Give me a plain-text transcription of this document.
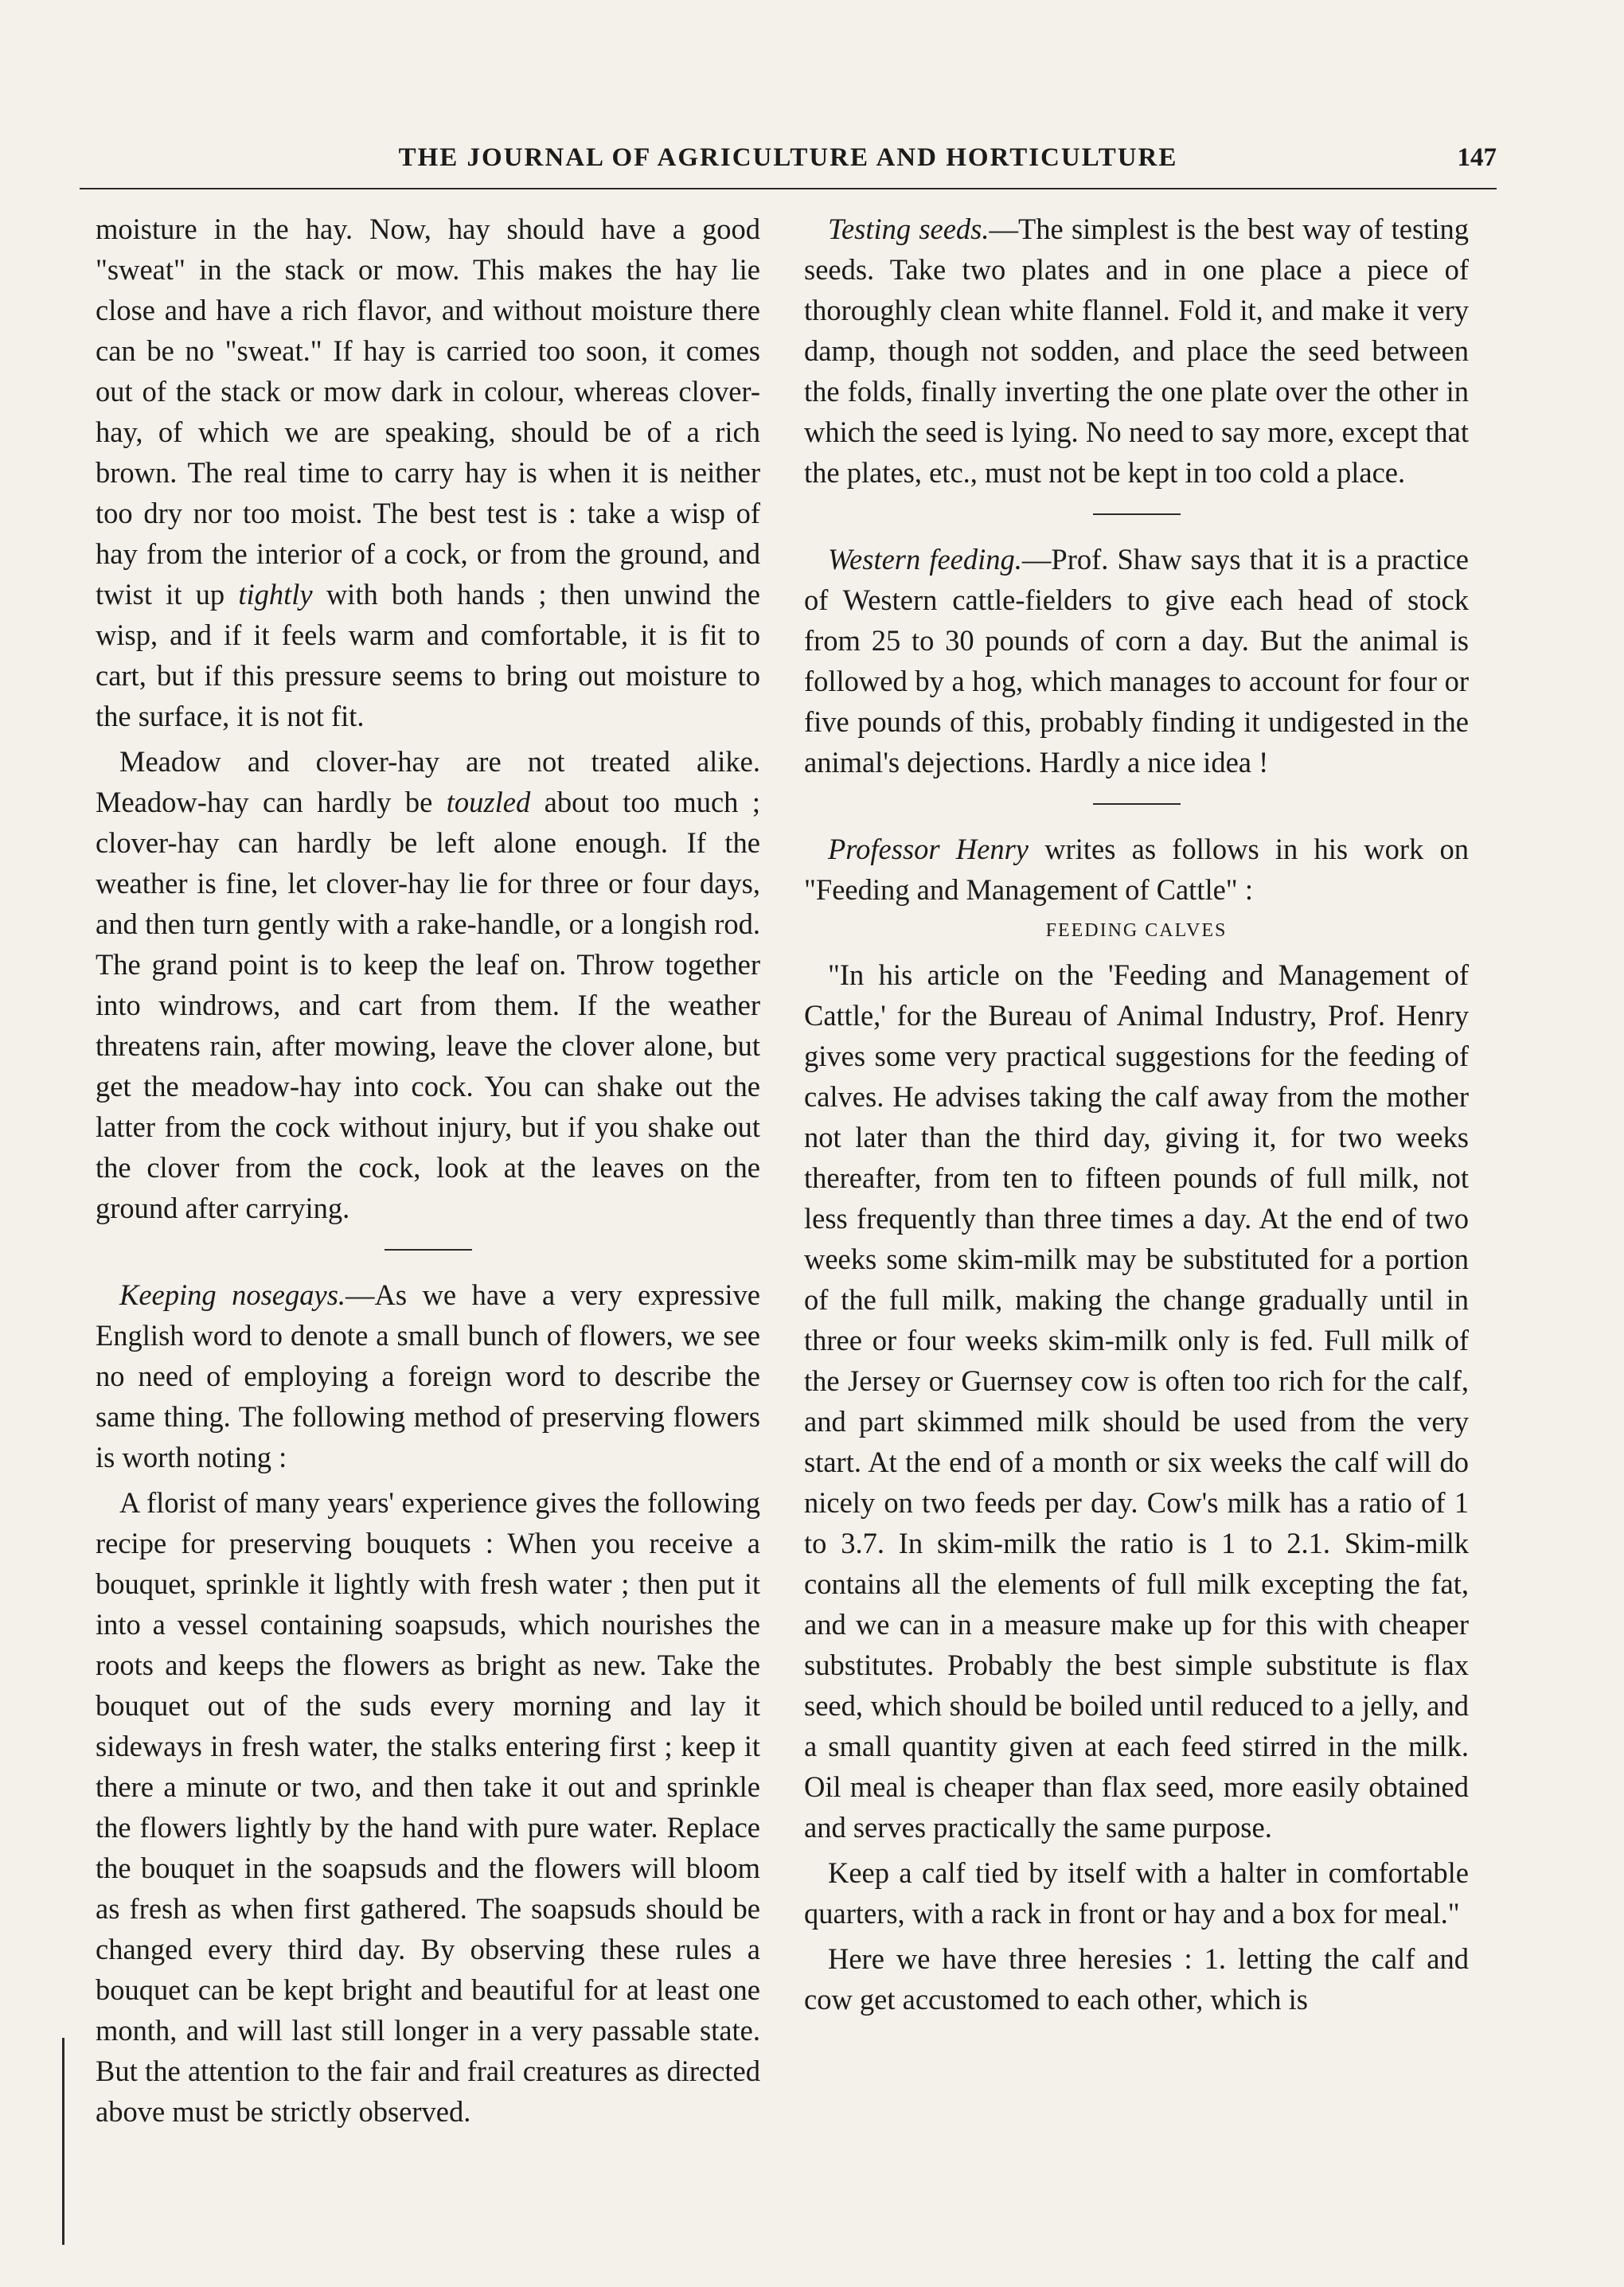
THE JOURNAL OF AGRICULTURE AND HORTICULTURE	147

moisture in the hay. Now, hay should have a good "sweat" in the stack or mow. This makes the hay lie close and have a rich flavor, and without moisture there can be no "sweat." If hay is carried too soon, it comes out of the stack or mow dark in colour, whereas clover-hay, of which we are speaking, should be of a rich brown. The real time to carry hay is when it is neither too dry nor too moist. The best test is : take a wisp of hay from the interior of a cock, or from the ground, and twist it up tightly with both hands ; then unwind the wisp, and if it feels warm and comfortable, it is fit to cart, but if this pressure seems to bring out moisture to the surface, it is not fit.

Meadow and clover-hay are not treated alike. Meadow-hay can hardly be touzled about too much ; clover-hay can hardly be left alone enough. If the weather is fine, let clover-hay lie for three or four days, and then turn gently with a rake-handle, or a longish rod. The grand point is to keep the leaf on. Throw together into windrows, and cart from them. If the weather threatens rain, after mowing, leave the clover alone, but get the meadow-hay into cock. You can shake out the latter from the cock without injury, but if you shake out the clover from the cock, look at the leaves on the ground after carrying.

Keeping nosegays.—As we have a very expressive English word to denote a small bunch of flowers, we see no need of employing a foreign word to describe the same thing. The following method of preserving flowers is worth noting :

A florist of many years' experience gives the following recipe for preserving bouquets : When you receive a bouquet, sprinkle it lightly with fresh water ; then put it into a vessel containing soapsuds, which nourishes the roots and keeps the flowers as bright as new. Take the bouquet out of the suds every morning and lay it sideways in fresh water, the stalks entering first ; keep it there a minute or two, and then take it out and sprinkle the flowers lightly by the hand with pure water. Replace the bouquet in the soapsuds and the flowers will bloom as fresh as when first gathered. The soapsuds should be changed every third day. By observing these rules a bouquet can be kept bright and beautiful for at least one month, and will last still longer in a very passable state. But the attention to the fair and frail creatures as directed above must be strictly observed.

Testing seeds.—The simplest is the best way of testing seeds. Take two plates and in one place a piece of thoroughly clean white flannel. Fold it, and make it very damp, though not sodden, and place the seed between the folds, finally inverting the one plate over the other in which the seed is lying. No need to say more, except that the plates, etc., must not be kept in too cold a place.

Western feeding.—Prof. Shaw says that it is a practice of Western cattle-fielders to give each head of stock from 25 to 30 pounds of corn a day. But the animal is followed by a hog, which manages to account for four or five pounds of this, probably finding it undigested in the animal's dejections. Hardly a nice idea !

Professor Henry writes as follows in his work on "Feeding and Management of Cattle" :

FEEDING CALVES

"In his article on the 'Feeding and Management of Cattle,' for the Bureau of Animal Industry, Prof. Henry gives some very practical suggestions for the feeding of calves. He advises taking the calf away from the mother not later than the third day, giving it, for two weeks thereafter, from ten to fifteen pounds of full milk, not less frequently than three times a day. At the end of two weeks some skim-milk may be substituted for a portion of the full milk, making the change gradually until in three or four weeks skim-milk only is fed. Full milk of the Jersey or Guernsey cow is often too rich for the calf, and part skimmed milk should be used from the very start. At the end of a month or six weeks the calf will do nicely on two feeds per day. Cow's milk has a ratio of 1 to 3.7. In skim-milk the ratio is 1 to 2.1. Skim-milk contains all the elements of full milk excepting the fat, and we can in a measure make up for this with cheaper substitutes. Probably the best simple substitute is flax seed, which should be boiled until reduced to a jelly, and a small quantity given at each feed stirred in the milk. Oil meal is cheaper than flax seed, more easily obtained and serves practically the same purpose.

Keep a calf tied by itself with a halter in comfortable quarters, with a rack in front or hay and a box for meal."

Here we have three heresies : 1. letting the calf and cow get accustomed to each other, which is
